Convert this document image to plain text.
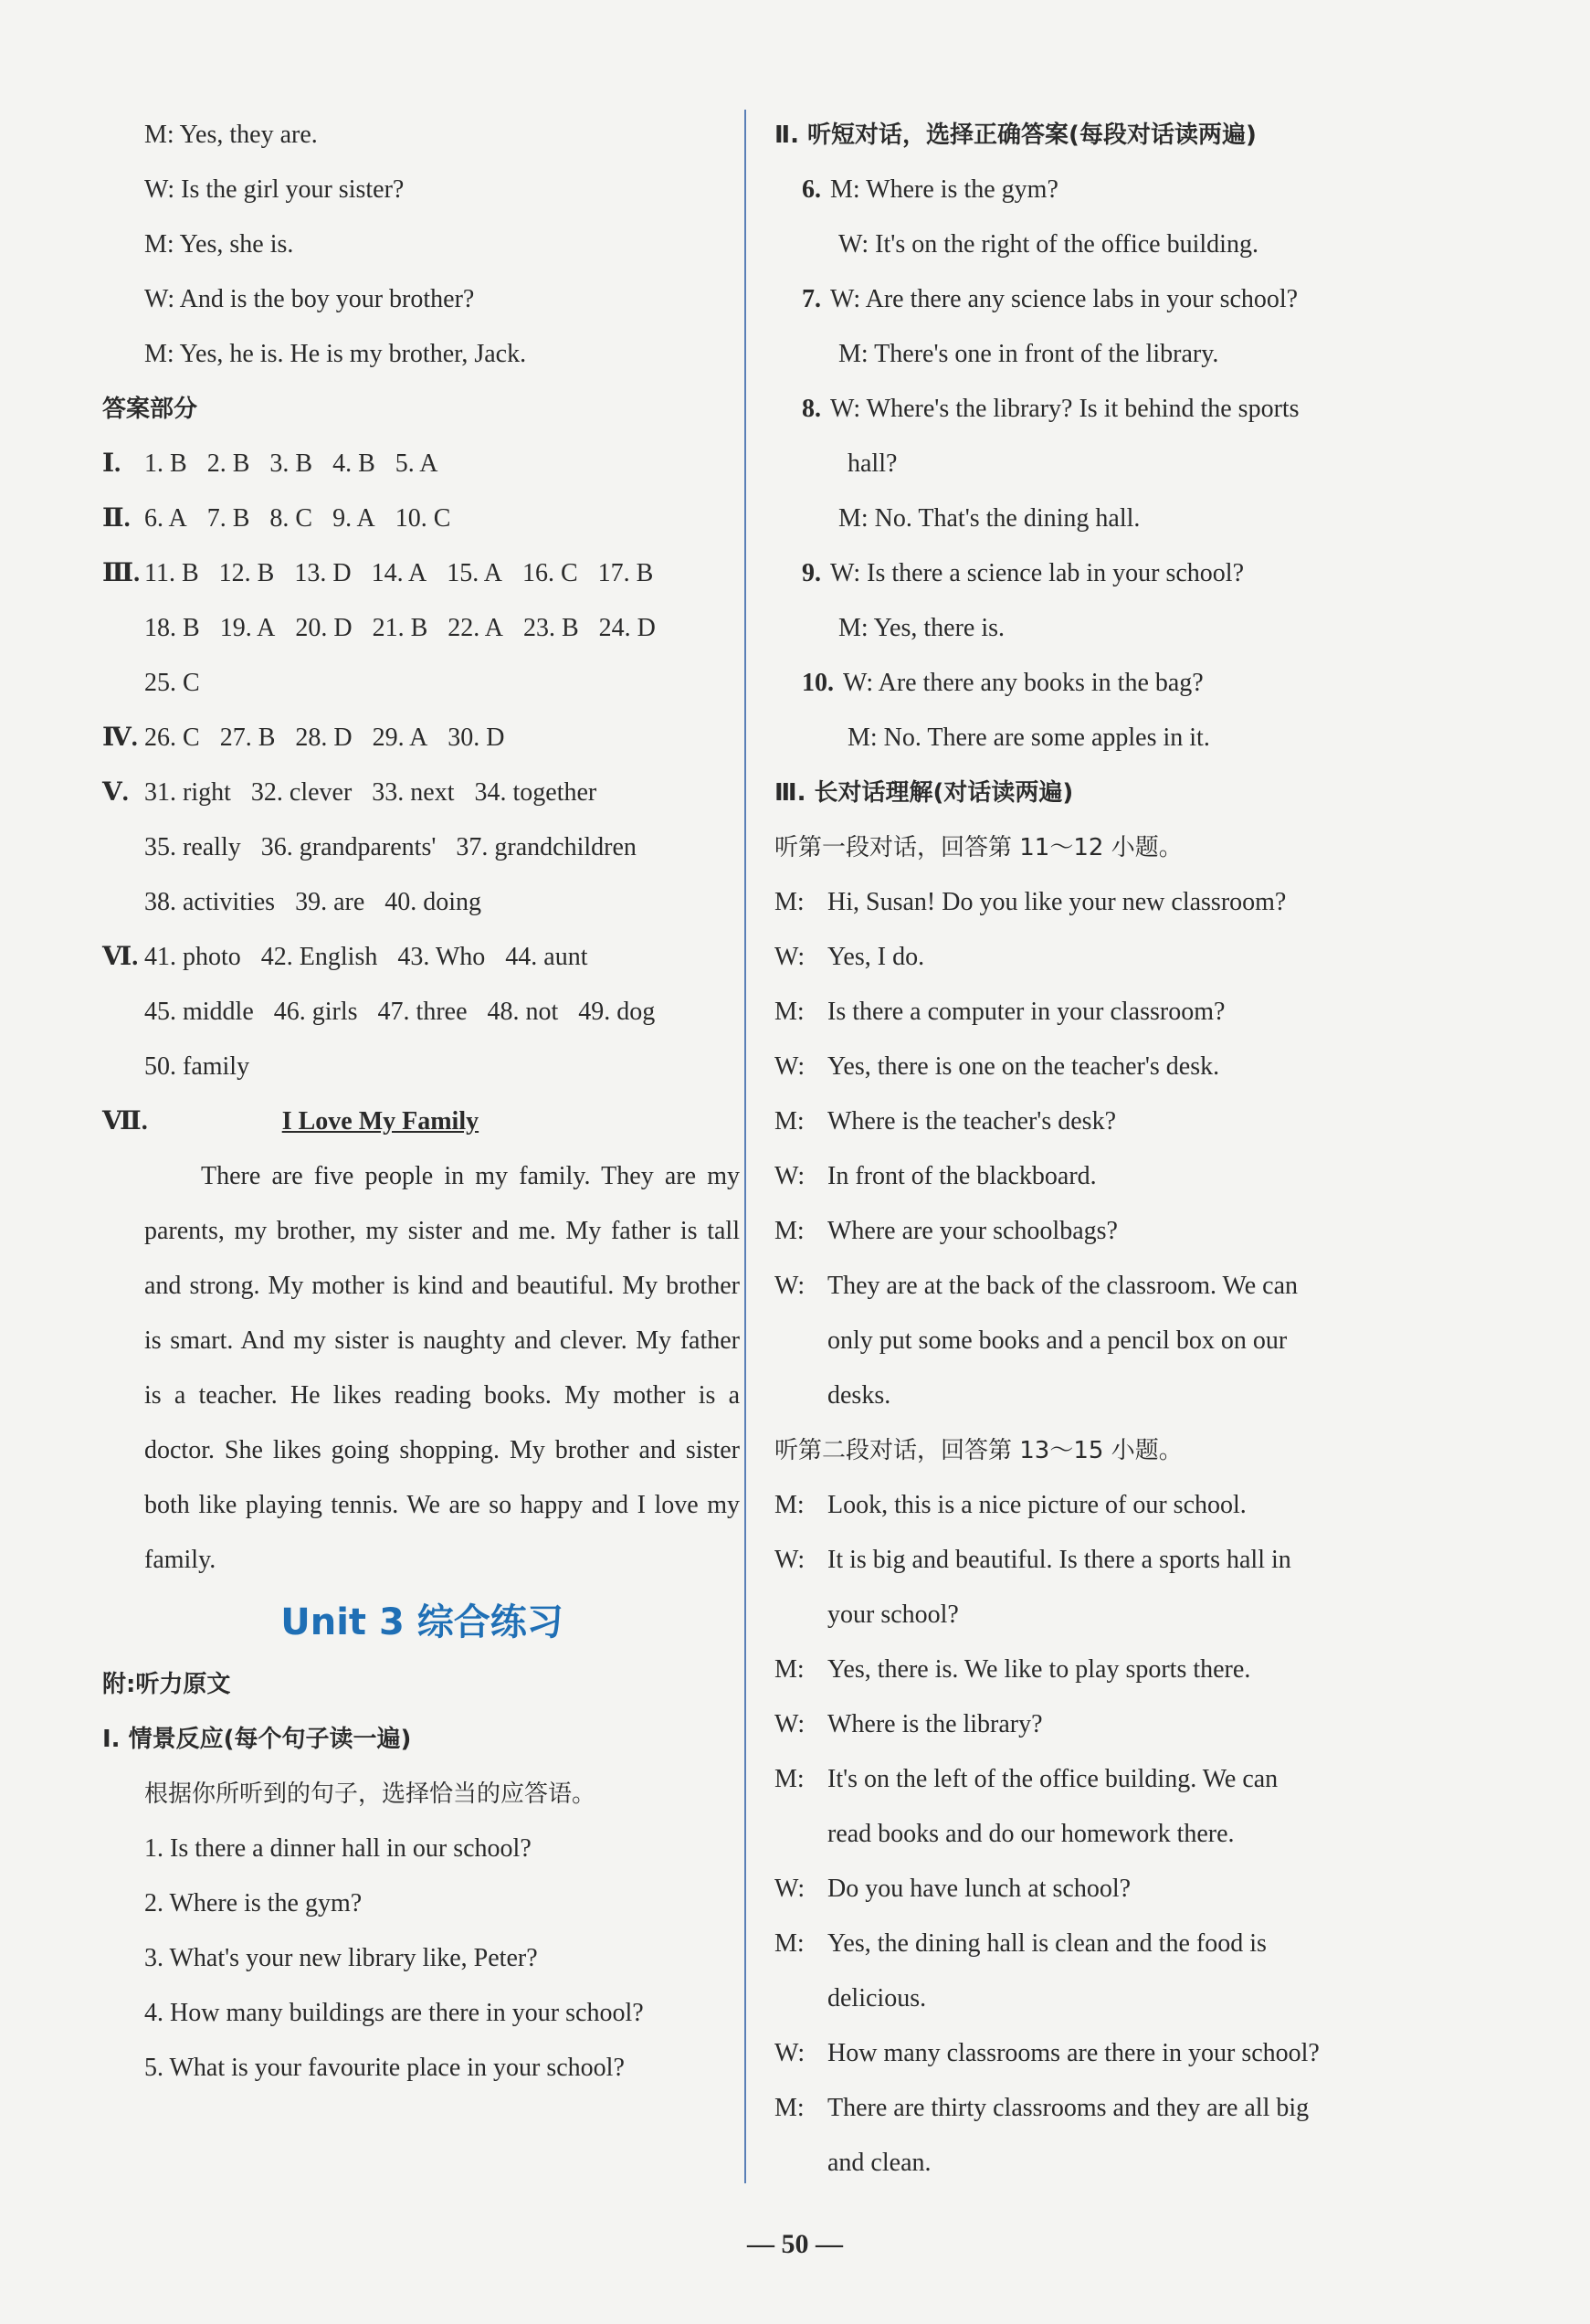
M: Yes, they are.
W: Is the girl your sister?
M: Yes, she is.
W: And is the boy your brother?
M: Yes, he is. He is my brother, Jack.
答案部分
Ⅰ. 1. B 2. B 3. B 4. B 5. A
Ⅱ. 6. A 7. B 8. C 9. A 10. C
Ⅲ. 11. B 12. B 13. D 14. A 15. A 16. C 17. B
18. B 19. A 20. D 21. B 22. A 23. B 24. D
25. C
Ⅳ. 26. C 27. B 28. D 29. A 30. D
Ⅴ. 31. right 32. clever 33. next 34. together
35. really 36. grandparents' 37. grandchildren
38. activities 39. are 40. doing
Ⅵ. 41. photo 42. English 43. Who 44. aunt
45. middle 46. girls 47. three 48. not 49. dog
50. family
Ⅶ.	I Love My Family

There are five people in my family. They are my parents, my brother, my sister and me. My father is tall and strong. My mother is kind and beautiful. My brother is smart. And my sister is naughty and clever. My father is a teacher. He likes reading books. My mother is a doctor. She likes going shopping. My brother and sister both like playing tennis. We are so happy and I love my family.

Unit 3 综合练习
附:听力原文
Ⅰ. 情景反应(每个句子读一遍)
根据你所听到的句子，选择恰当的应答语。
1. Is there a dinner hall in our school?
2. Where is the gym?
3. What's your new library like, Peter?
4. How many buildings are there in your school?
5. What is your favourite place in your school?
Ⅱ. 听短对话，选择正确答案(每段对话读两遍)
6. M: Where is the gym?
W: It's on the right of the office building.
7. W: Are there any science labs in your school?
M: There's one in front of the library.
8. W: Where's the library? Is it behind the sports
hall?
M: No. That's the dining hall.
9. W: Is there a science lab in your school?
M: Yes, there is.
10. W: Are there any books in the bag?
M: No. There are some apples in it.
Ⅲ. 长对话理解(对话读两遍)
听第一段对话，回答第 11～12 小题。
M: Hi, Susan! Do you like your new classroom?
W: Yes, I do.
M: Is there a computer in your classroom?
W: Yes, there is one on the teacher's desk.
M: Where is the teacher's desk?
W: In front of the blackboard.
M: Where are your schoolbags?
W: They are at the back of the classroom. We can
only put some books and a pencil box on our
desks.
听第二段对话，回答第 13～15 小题。
M: Look, this is a nice picture of our school.
W: It is big and beautiful. Is there a sports hall in
your school?
M: Yes, there is. We like to play sports there.
W: Where is the library?
M: It's on the left of the office building. We can
read books and do our homework there.
W: Do you have lunch at school?
M: Yes, the dining hall is clean and the food is
delicious.
W: How many classrooms are there in your school?
M: There are thirty classrooms and they are all big
and clean.
— 50 —
